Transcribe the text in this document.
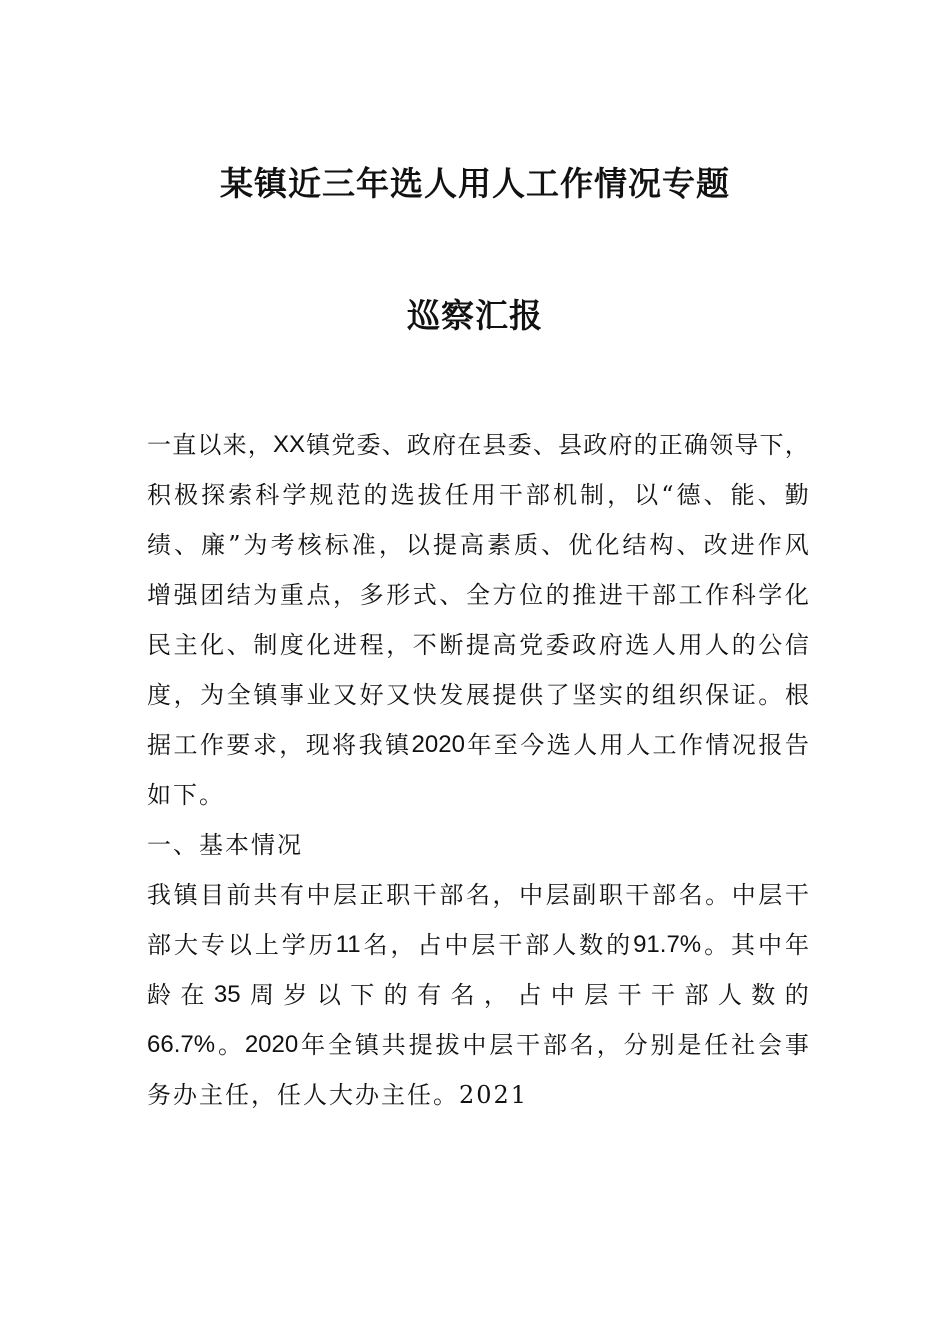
某镇近三年选人用人工作情况专题
巡察汇报
一 直 以 来 ， XX 镇 党 委 、 政 府 在 县 委 、 县 政 府 的 正 确 领 导 下 ，
积 极 探 索 科 学 规 范 的 选 拔 任 用 干 部 机 制 ， 以 “ 德 、 能 、 勤
绩 、 廉 ” 为 考 核 标 准 ， 以 提 高 素 质 、 优 化 结 构 、 改 进 作 风
增 强 团 结 为 重 点 ， 多 形 式 、 全 方 位 的 推 进 干 部 工 作 科 学 化
民 主 化 、 制 度 化 进 程 ， 不 断 提 高 党 委 政 府 选 人 用 人 的 公 信
度 ， 为 全 镇 事 业 又 好 又 快 发 展 提 供 了 坚 实 的 组 织 保 证 。 根
据 工 作 要 求 ， 现 将 我 镇 2020 年 至 今 选 人 用 人 工 作 情 况 报 告
如下。
一、基本情况
我 镇 目 前 共 有 中 层 正 职 干 部 名 ， 中 层 副 职 干 部 名 。 中 层 干
部 大 专 以 上 学 历 11 名 ， 占 中 层 干 部 人 数 的 91.7% 。 其 中 年
龄 在 35 周 岁 以 下 的 有 名 ， 占 中 层 干 干 部 人 数 的
66.7% 。 2020 年 全 镇 共 提 拔 中 层 干 部 名 ， 分 别 是 任 社 会 事
务办主任，任人大办主任。2021
